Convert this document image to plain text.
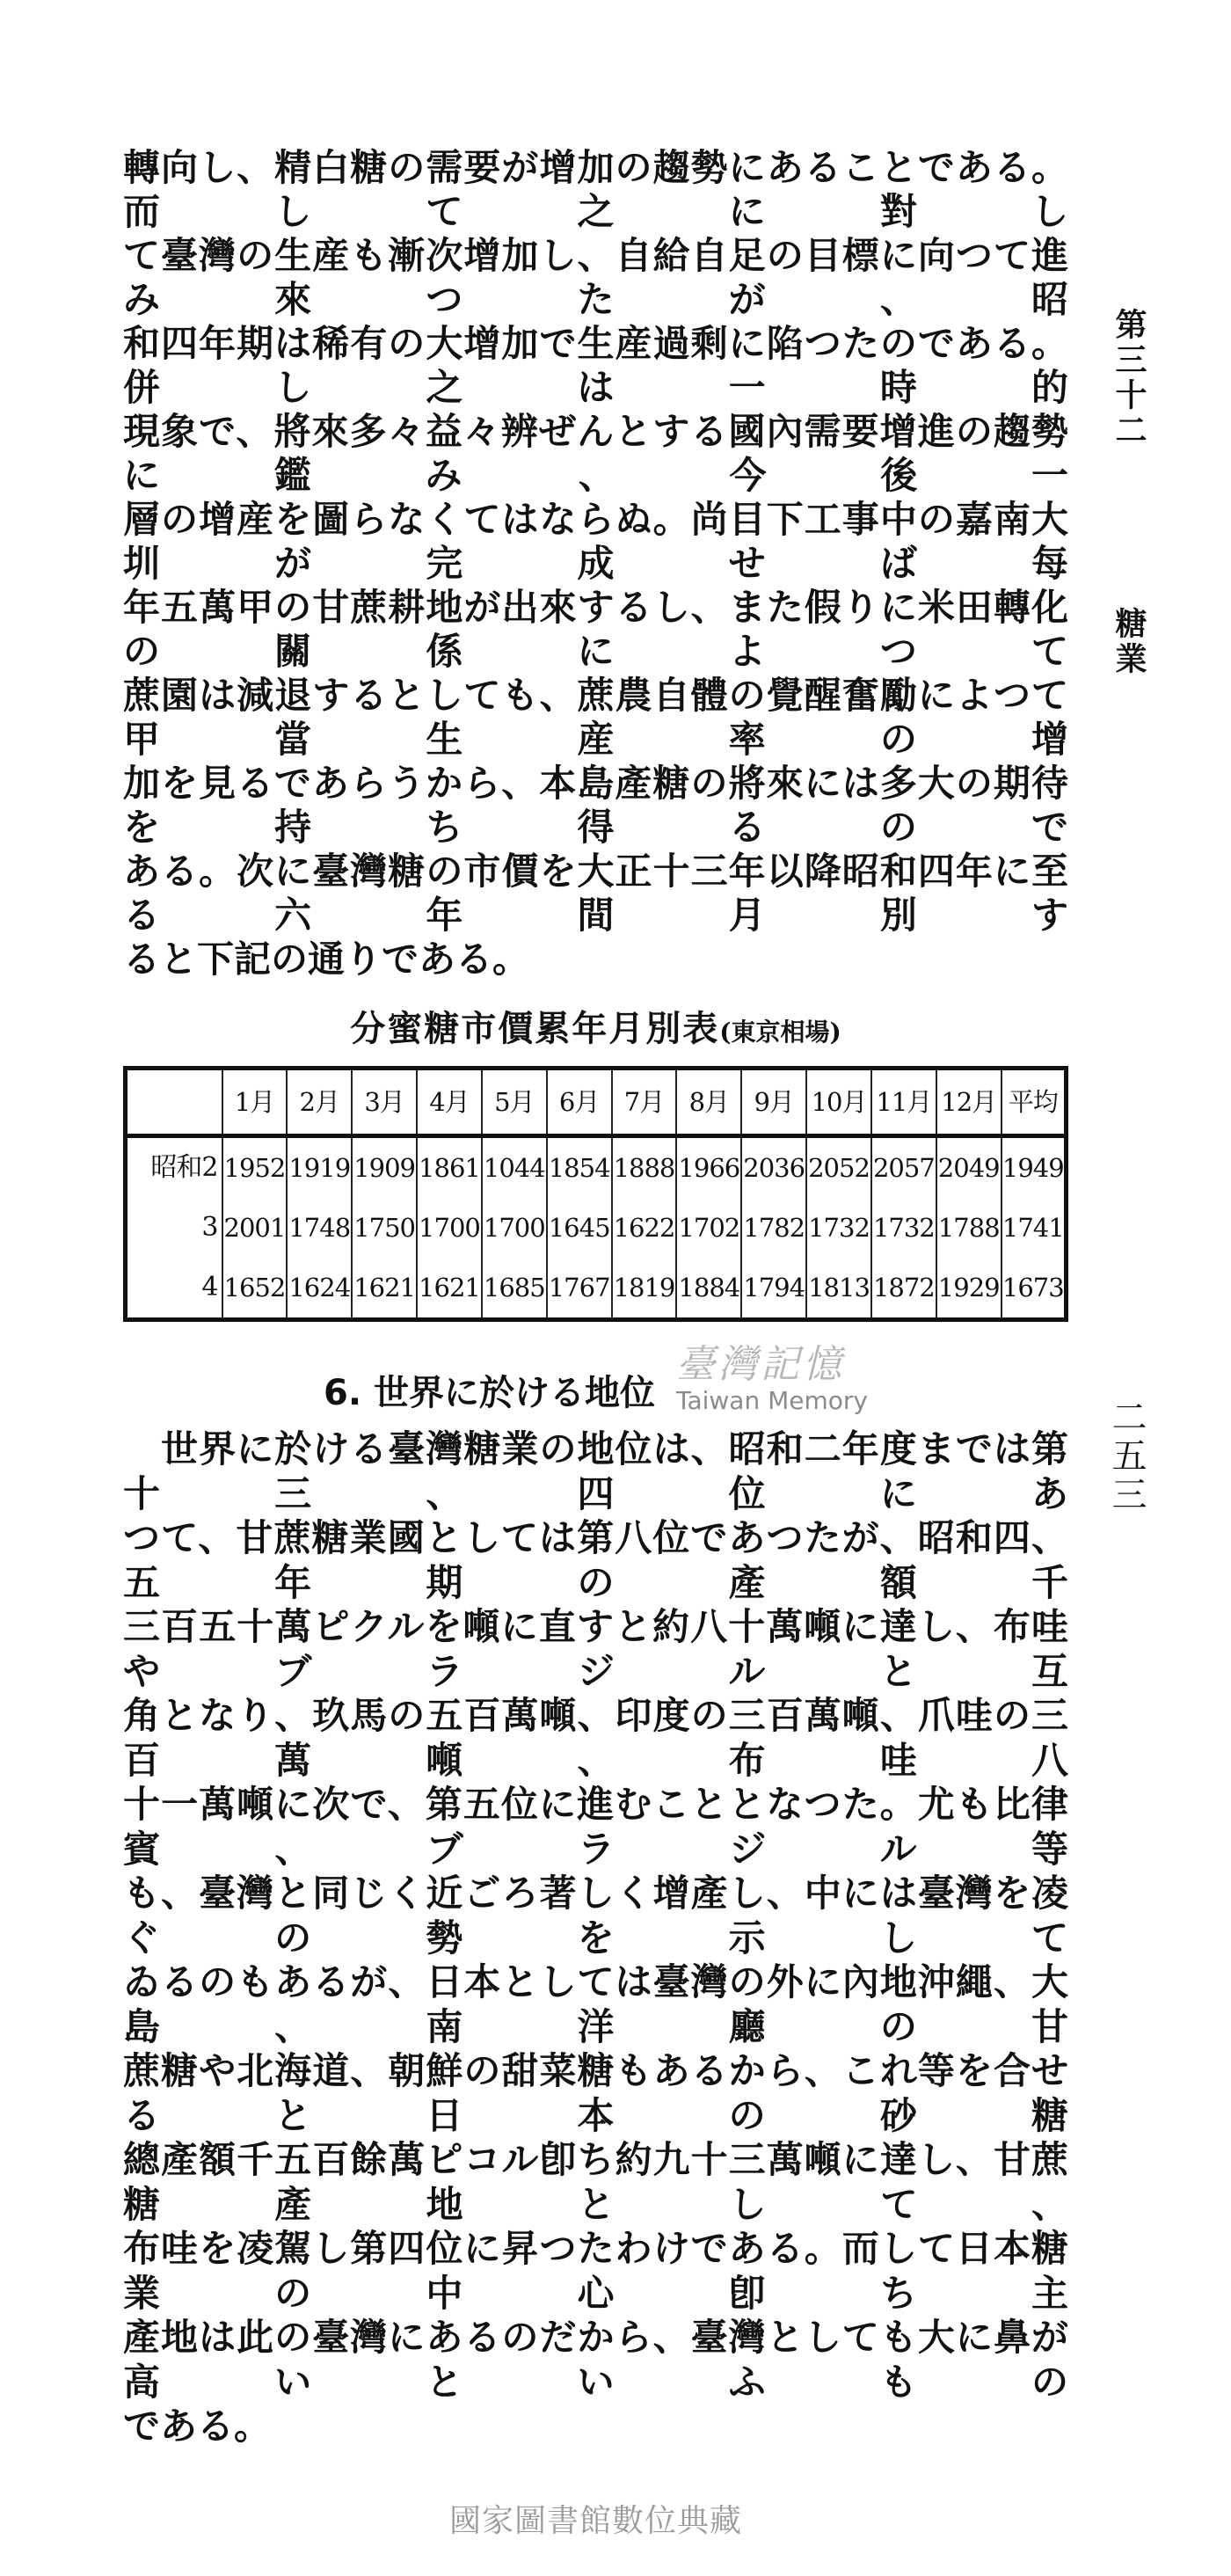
轉向し、精白糖の需要が增加の趨勢にあることである。而して之に對し
て臺灣の生産も漸次增加し、自給自足の目標に向つて進み來つたが、昭
和四年期は稀有の大增加で生産過剩に陷つたのである。併し之は一時的
現象で、將來多々益々辨ぜんとする國內需要增進の趨勢に鑑み、今後一
層の增産を圖らなくてはならぬ。尚目下工事中の嘉南大圳が完成せば每
年五萬甲の甘蔗耕地が出來するし、また假りに米田轉化の關係によつて
蔗園は減退するとしても、蔗農自體の覺醒奮勵によつて甲當生産率の增
加を見るであらうから、本島產糖の將來には多大の期待を持ち得るので
ある。次に臺灣糖の市價を大正十三年以降昭和四年に至る六年間月別す
ると下記の通りである。
分蜜糖市價累年月別表(東京相場)
	1月	2月	3月	4月	5月	6月	7月	8月	9月	10月	11月	12月	平均
昭和2	1952	1919	1909	1861	1044	1854	1888	1966	2036	2052	2057	2049	1949
3	2001	1748	1750	1700	1700	1645	1622	1702	1782	1732	1732	1788	1741
4	1652	1624	1621	1621	1685	1767	1819	1884	1794	1813	1872	1929	1673
6. 世界に於ける地位
臺灣記憶
Taiwan Memory
　世界に於ける臺灣糖業の地位は、昭和二年度までは第十三、四位にあ
つて、甘蔗糖業國としては第八位であつたが、昭和四、五年期の產額千
三百五十萬ピクルを噸に直すと約八十萬噸に達し、布哇やブラジルと互
角となり、玖馬の五百萬噸、印度の三百萬噸、爪哇の三百萬噸、布哇八
十一萬噸に次で、第五位に進むこととなつた。尤も比律賓、ブラジル等
も、臺灣と同じく近ごろ著しく增產し、中には臺灣を凌ぐの勢を示して
ゐるのもあるが、日本としては臺灣の外に內地沖繩、大島、南洋廳の甘
蔗糖や北海道、朝鮮の甜菜糖もあるから、これ等を合せると日本の砂糖
總產額千五百餘萬ピコル卽ち約九十三萬噸に達し、甘蔗糖產地として、
布哇を凌駕し第四位に昇つたわけである。而して日本糖業の中心卽ち主
產地は此の臺灣にあるのだから、臺灣としても大に鼻が高いといふもの
である。
國家圖書館數位典藏
第三十二
糖業
二五三
